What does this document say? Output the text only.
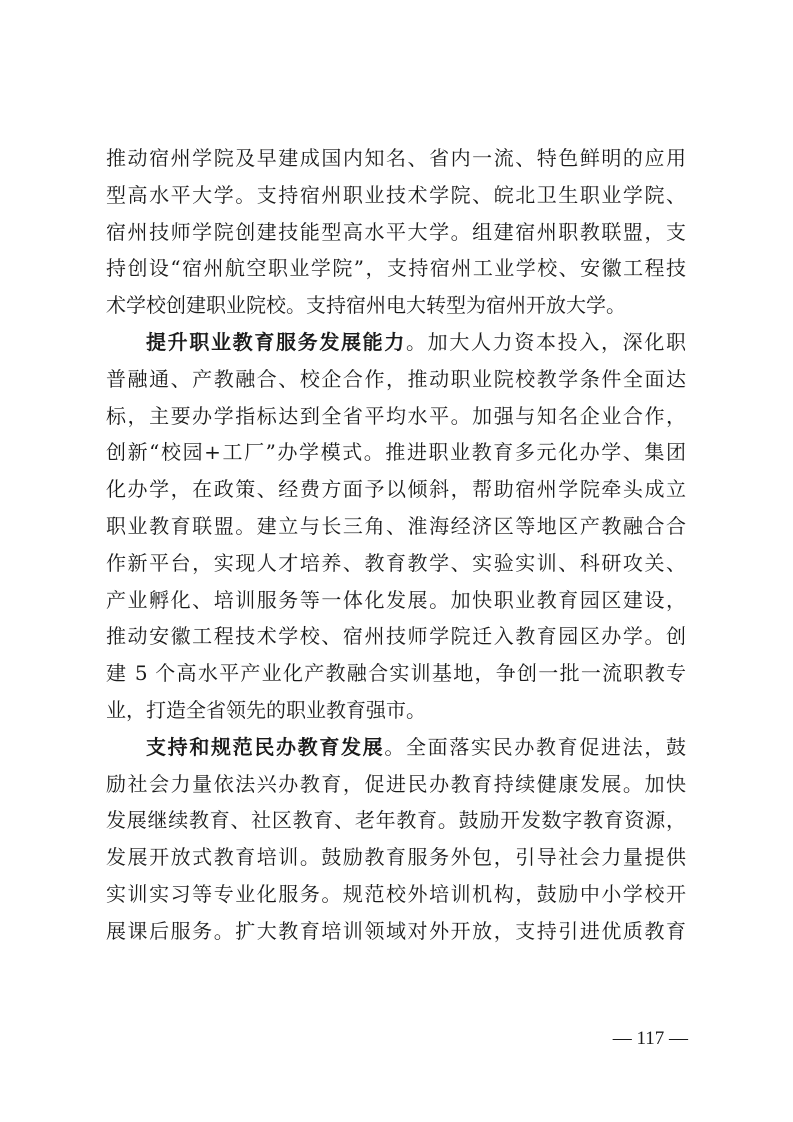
推动宿州学院及早建成国内知名、省内一流、特色鲜明的应用
型高水平大学。支持宿州职业技术学院、皖北卫生职业学院、
宿州技师学院创建技能型高水平大学。组建宿州职教联盟，支
持创设“宿州航空职业学院”，支持宿州工业学校、安徽工程技
术学校创建职业院校。支持宿州电大转型为宿州开放大学。
提升职业教育服务发展能力。加大人力资本投入，深化职
普融通、产教融合、校企合作，推动职业院校教学条件全面达
标，主要办学指标达到全省平均水平。加强与知名企业合作，
创新“校园+工厂”办学模式。推进职业教育多元化办学、集团
化办学，在政策、经费方面予以倾斜，帮助宿州学院牵头成立
职业教育联盟。建立与长三角、淮海经济区等地区产教融合合
作新平台，实现人才培养、教育教学、实验实训、科研攻关、
产业孵化、培训服务等一体化发展。加快职业教育园区建设，
推动安徽工程技术学校、宿州技师学院迁入教育园区办学。创
建 5 个高水平产业化产教融合实训基地，争创一批一流职教专
业，打造全省领先的职业教育强市。
支持和规范民办教育发展。全面落实民办教育促进法，鼓
励社会力量依法兴办教育，促进民办教育持续健康发展。加快
发展继续教育、社区教育、老年教育。鼓励开发数字教育资源，
发展开放式教育培训。鼓励教育服务外包，引导社会力量提供
实训实习等专业化服务。规范校外培训机构，鼓励中小学校开
展课后服务。扩大教育培训领域对外开放，支持引进优质教育
— 117 —
